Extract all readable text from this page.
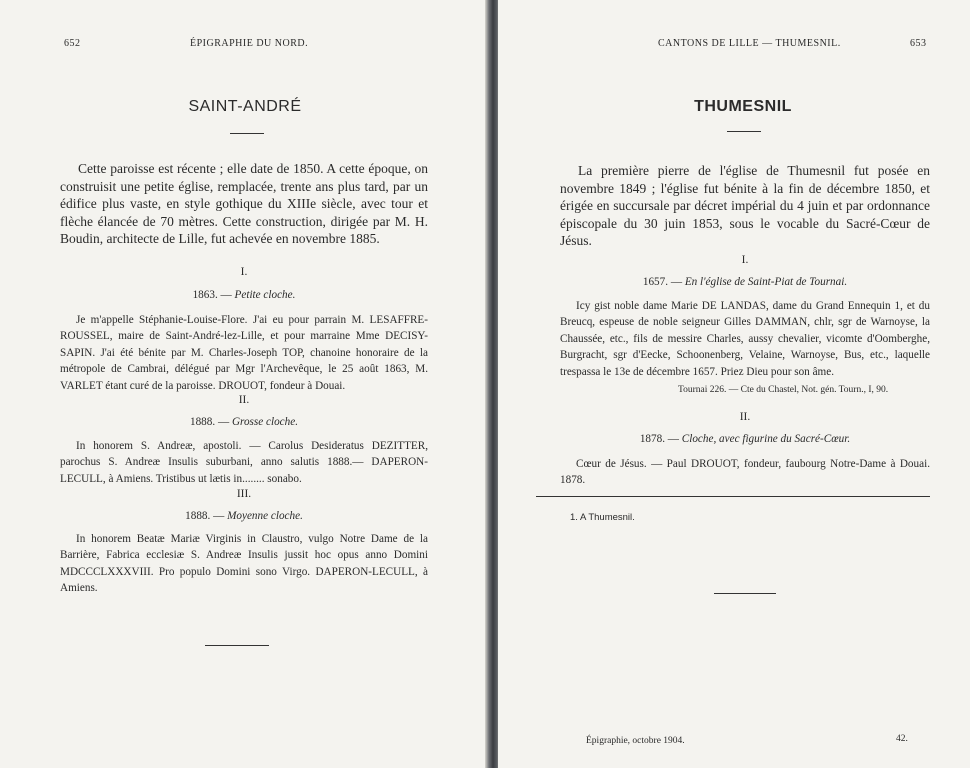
652	ÉPIGRAPHIE DU NORD.
SAINT-ANDRÉ

Cette paroisse est récente ; elle date de 1850. A cette époque, on construisit une petite église, remplacée, trente ans plus tard, par un édifice plus vaste, en style gothique du XIIIe siècle, avec tour et flèche élancée de 70 mètres. Cette construction, dirigée par M. H. Boudin, architecte de Lille, fut achevée en novembre 1885.

I.
1863. — Petite cloche.

Je m'appelle Stéphanie-Louise-Flore. J'ai eu pour parrain M. LESAFFRE-ROUSSEL, maire de Saint-André-lez-Lille, et pour marraine Mme DECISY-SAPIN. J'ai été bénite par M. Charles-Joseph TOP, chanoine honoraire de la métropole de Cambrai, délégué par Mgr l'Archevêque, le 25 août 1863, M. VARLET étant curé de la paroisse. DROUOT, fondeur à Douai.

II.
1888. — Grosse cloche.

In honorem S. Andreæ, apostoli. — Carolus Desideratus DEZITTER, parochus S. Andreæ Insulis suburbani, anno salutis 1888.— DAPERON-LECULL, à Amiens. Tristibus ut lætis in........ sonabo.

III.
1888. — Moyenne cloche.

In honorem Beatæ Mariæ Virginis in Claustro, vulgo Notre Dame de la Barrière, Fabrica ecclesiæ S. Andreæ Insulis jussit hoc opus anno Domini MDCCCLXXXVIII. Pro populo Domini sono Virgo. DAPERON-LECULL, à Amiens.

CANTONS DE LILLE — THUMESNIL.	653
THUMESNIL

La première pierre de l'église de Thumesnil fut posée en novembre 1849 ; l'église fut bénite à la fin de décembre 1850, et érigée en succursale par décret impérial du 4 juin et par ordonnance épiscopale du 30 juin 1853, sous le vocable du Sacré-Cœur de Jésus.

I.
1657. — En l'église de Saint-Piat de Tournai.

Icy gist noble dame Marie DE LANDAS, dame du Grand Ennequin 1, et du Breucq, espeuse de noble seigneur Gilles DAMMAN, chlr, sgr de Warnoyse, la Chaussée, etc., fils de messire Charles, aussy chevalier, vicomte d'Oomberghe, Burgracht, sgr d'Eecke, Schoonenberg, Velaine, Warnoyse, Bus, etc., laquelle trespassa le 13e de décembre 1657. Priez Dieu pour son âme.

Tournai 226. — Cte du Chastel, Not. gén. Tourn., I, 90.
II.
1878. — Cloche, avec figurine du Sacré-Cœur.

Cœur de Jésus. — Paul DROUOT, fondeur, faubourg Notre-Dame à Douai. 1878.

1. A Thumesnil.
Épigraphie, octobre 1904.	42.
